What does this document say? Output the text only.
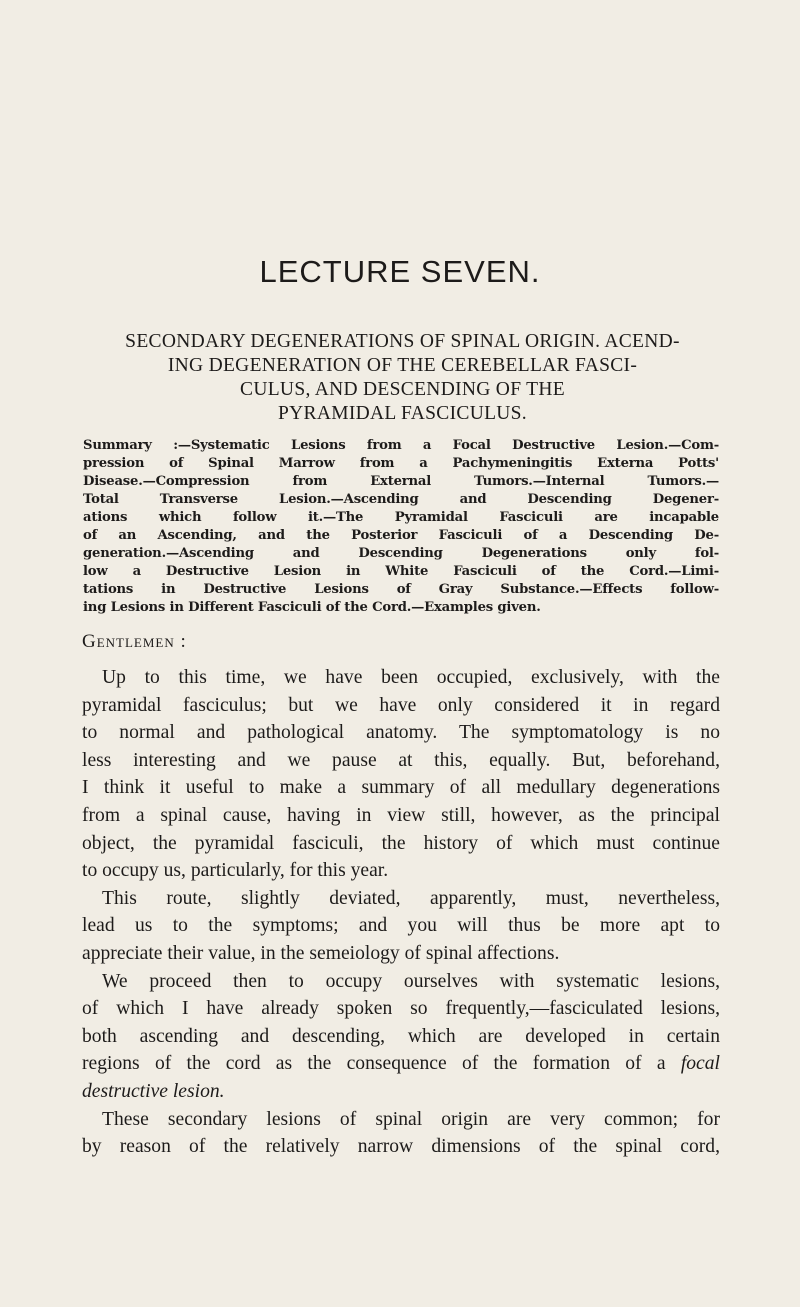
LECTURE SEVEN.
SECONDARY DEGENERATIONS OF SPINAL ORIGIN. ACEND-
ING DEGENERATION OF THE CEREBELLAR FASCI-
CULUS, AND DESCENDING OF THE
PYRAMIDAL FASCICULUS.
Summary :—Systematic Lesions from a Focal Destructive Lesion.—Com-
pression of Spinal Marrow from a Pachymeningitis Externa Potts'
Disease.—Compression from External Tumors.—Internal Tumors.—
Total Transverse Lesion.—Ascending and Descending Degener-
ations which follow it.—The Pyramidal Fasciculi are incapable
of an Ascending, and the Posterior Fasciculi of a Descending De-
generation.—Ascending and Descending Degenerations only fol-
low a Destructive Lesion in White Fasciculi of the Cord.—Limi-
tations in Destructive Lesions of Gray Substance.—Effects follow-
ing Lesions in Different Fasciculi of the Cord.—Examples given.
Gentlemen :
Up to this time, we have been occupied, exclusively, with the
pyramidal fasciculus; but we have only considered it in regard
to normal and pathological anatomy. The symptomatology is no
less interesting and we pause at this, equally. But, beforehand,
I think it useful to make a summary of all medullary degenerations
from a spinal cause, having in view still, however, as the principal
object, the pyramidal fasciculi, the history of which must continue
to occupy us, particularly, for this year.
This route, slightly deviated, apparently, must, nevertheless,
lead us to the symptoms; and you will thus be more apt to
appreciate their value, in the semeiology of spinal affections.
We proceed then to occupy ourselves with systematic lesions,
of which I have already spoken so frequently,—fasciculated lesions,
both ascending and descending, which are developed in certain
regions of the cord as the consequence of the formation of a focal
destructive lesion.
These secondary lesions of spinal origin are very common; for
by reason of the relatively narrow dimensions of the spinal cord,
